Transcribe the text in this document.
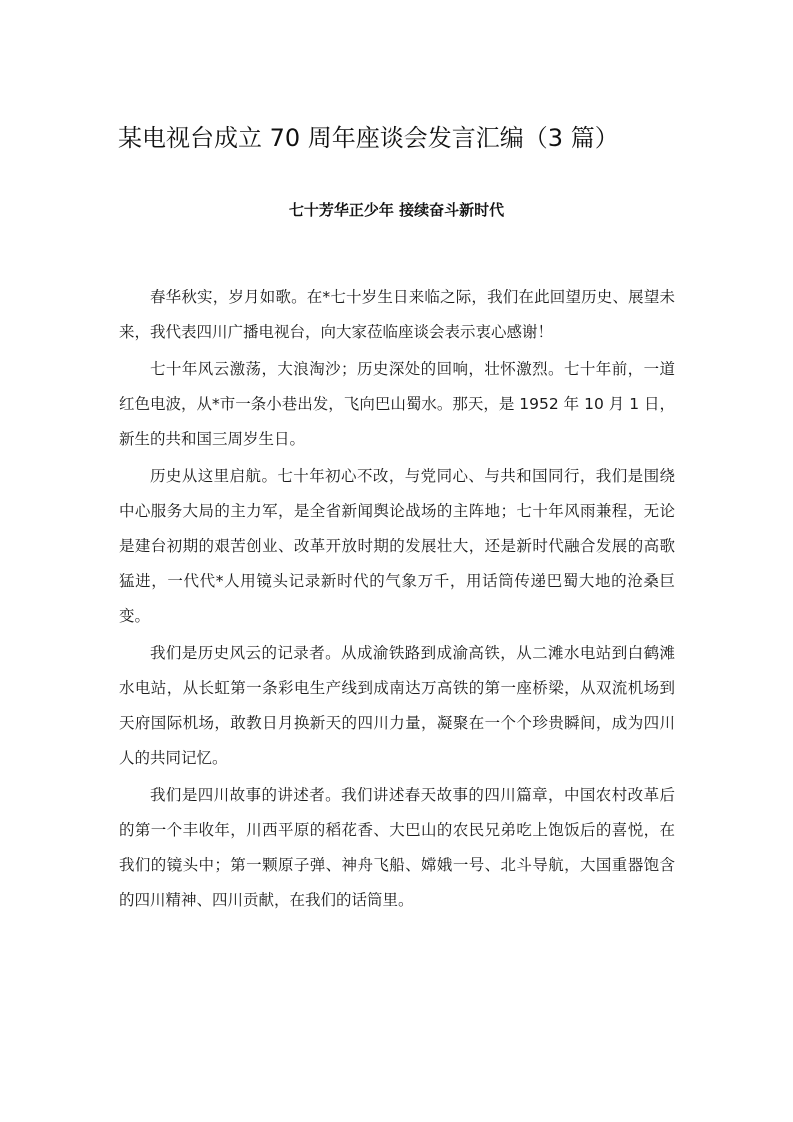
某电视台成立 70 周年座谈会发言汇编（3 篇）
七十芳华正少年 接续奋斗新时代

春华秋实，岁月如歌。在*七十岁生日来临之际，我们在此回望历史、展望未来，我代表四川广播电视台，向大家莅临座谈会表示衷心感谢！

七十年风云激荡，大浪淘沙；历史深处的回响，壮怀激烈。七十年前，一道红色电波，从*市一条小巷出发，飞向巴山蜀水。那天，是 1952 年 10 月 1 日，新生的共和国三周岁生日。

历史从这里启航。七十年初心不改，与党同心、与共和国同行，我们是围绕中心服务大局的主力军，是全省新闻舆论战场的主阵地；七十年风雨兼程，无论是建台初期的艰苦创业、改革开放时期的发展壮大，还是新时代融合发展的高歌猛进，一代代*人用镜头记录新时代的气象万千，用话筒传递巴蜀大地的沧桑巨变。

我们是历史风云的记录者。从成渝铁路到成渝高铁，从二滩水电站到白鹤滩水电站，从长虹第一条彩电生产线到成南达万高铁的第一座桥梁，从双流机场到天府国际机场，敢教日月换新天的四川力量，凝聚在一个个珍贵瞬间，成为四川人的共同记忆。

我们是四川故事的讲述者。我们讲述春天故事的四川篇章，中国农村改革后的第一个丰收年，川西平原的稻花香、大巴山的农民兄弟吃上饱饭后的喜悦，在我们的镜头中；第一颗原子弹、神舟飞船、嫦娥一号、北斗导航，大国重器饱含的四川精神、四川贡献，在我们的话筒里。
